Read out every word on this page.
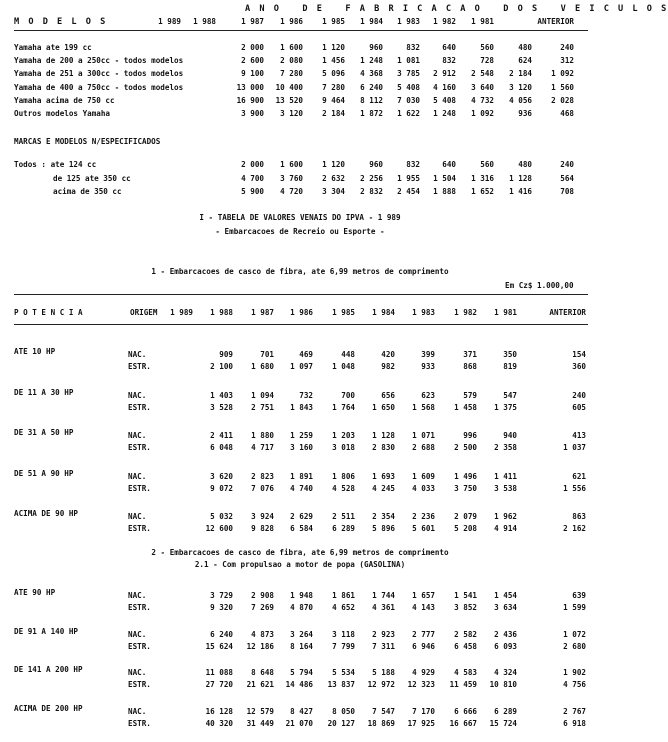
A N O   D E   F A B R I C A C A O   D O S   V E I C U L O S
M O D E L O S	1 989	1 988	1 987	1 986	1 985	1 984	1 983	1 982	1 981	ANTERIOR
Yamaha ate 199 cc	2 000	1 600	1 120	960	832	640	560	480	240
Yamaha de 200 a 250cc - todos modelos	2 600	2 080	1 456	1 248	1 081	832	728	624	312
Yamaha de 251 a 300cc - todos modelos	9 100	7 280	5 096	4 368	3 785	2 912	2 548	2 184	1 092
Yamaha de 400 a 750cc - todos modelos	13 000	10 400	7 280	6 240	5 408	4 160	3 640	3 120	1 560
Yamaha acima de 750 cc	16 900	13 520	9 464	8 112	7 030	5 408	4 732	4 056	2 028
Outros modelos Yamaha	3 900	3 120	2 184	1 872	1 622	1 248	1 092	936	468
MARCAS E MODELOS N/ESPECIFICADOS
Todos : ate 124 cc	2 000	1 600	1 120	960	832	640	560	480	240
de 125 ate 350 cc	4 700	3 760	2 632	2 256	1 955	1 504	1 316	1 128	564
acima de 350 cc	5 900	4 720	3 304	2 832	2 454	1 888	1 652	1 416	708
I - TABELA DE VALORES VENAIS DO IPVA - 1 989
- Embarcacoes de Recreio ou Esporte -
1 - Embarcacoes de casco de fibra, ate 6,99 metros de comprimento
Em Cz$ 1.000,00
P O T E N C I A	ORIGEM	1 989	1 988	1 987	1 986	1 985	1 984	1 983	1 982	1 981	ANTERIOR
ATE 10 HP	NAC.	909	701	469	448	420	399	371	350	154
ESTR.	2 100	1 680	1 097	1 048	982	933	868	819	360
DE 11 A 30 HP	NAC.	1 403	1 094	732	700	656	623	579	547	240
ESTR.	3 528	2 751	1 843	1 764	1 650	1 568	1 458	1 375	605
DE 31 A 50 HP	NAC.	2 411	1 880	1 259	1 203	1 128	1 071	996	940	413
ESTR.	6 048	4 717	3 160	3 018	2 830	2 688	2 500	2 358	1 037
DE 51 A 90 HP	NAC.	3 620	2 823	1 891	1 806	1 693	1 609	1 496	1 411	621
ESTR.	9 072	7 076	4 740	4 528	4 245	4 033	3 750	3 538	1 556
ACIMA DE 90 HP	NAC.	5 032	3 924	2 629	2 511	2 354	2 236	2 079	1 962	863
ESTR.	12 600	9 828	6 584	6 289	5 896	5 601	5 208	4 914	2 162
2 - Embarcacoes de casco de fibra, ate 6,99 metros de comprimento
2.1 - Com propulsao a motor de popa (GASOLINA)
ATE 90 HP	NAC.	3 729	2 908	1 948	1 861	1 744	1 657	1 541	1 454	639
ESTR.	9 320	7 269	4 870	4 652	4 361	4 143	3 852	3 634	1 599
DE 91 A 140 HP	NAC.	6 240	4 873	3 264	3 118	2 923	2 777	2 582	2 436	1 072
ESTR.	15 624	12 186	8 164	7 799	7 311	6 946	6 458	6 093	2 680
DE 141 A 200 HP	NAC.	11 088	8 648	5 794	5 534	5 188	4 929	4 583	4 324	1 902
ESTR.	27 720	21 621	14 486	13 837	12 972	12 323	11 459	10 810	4 756
ACIMA DE 200 HP	NAC.	16 128	12 579	8 427	8 050	7 547	7 170	6 666	6 289	2 767
ESTR.	40 320	31 449	21 070	20 127	18 869	17 925	16 667	15 724	6 918
